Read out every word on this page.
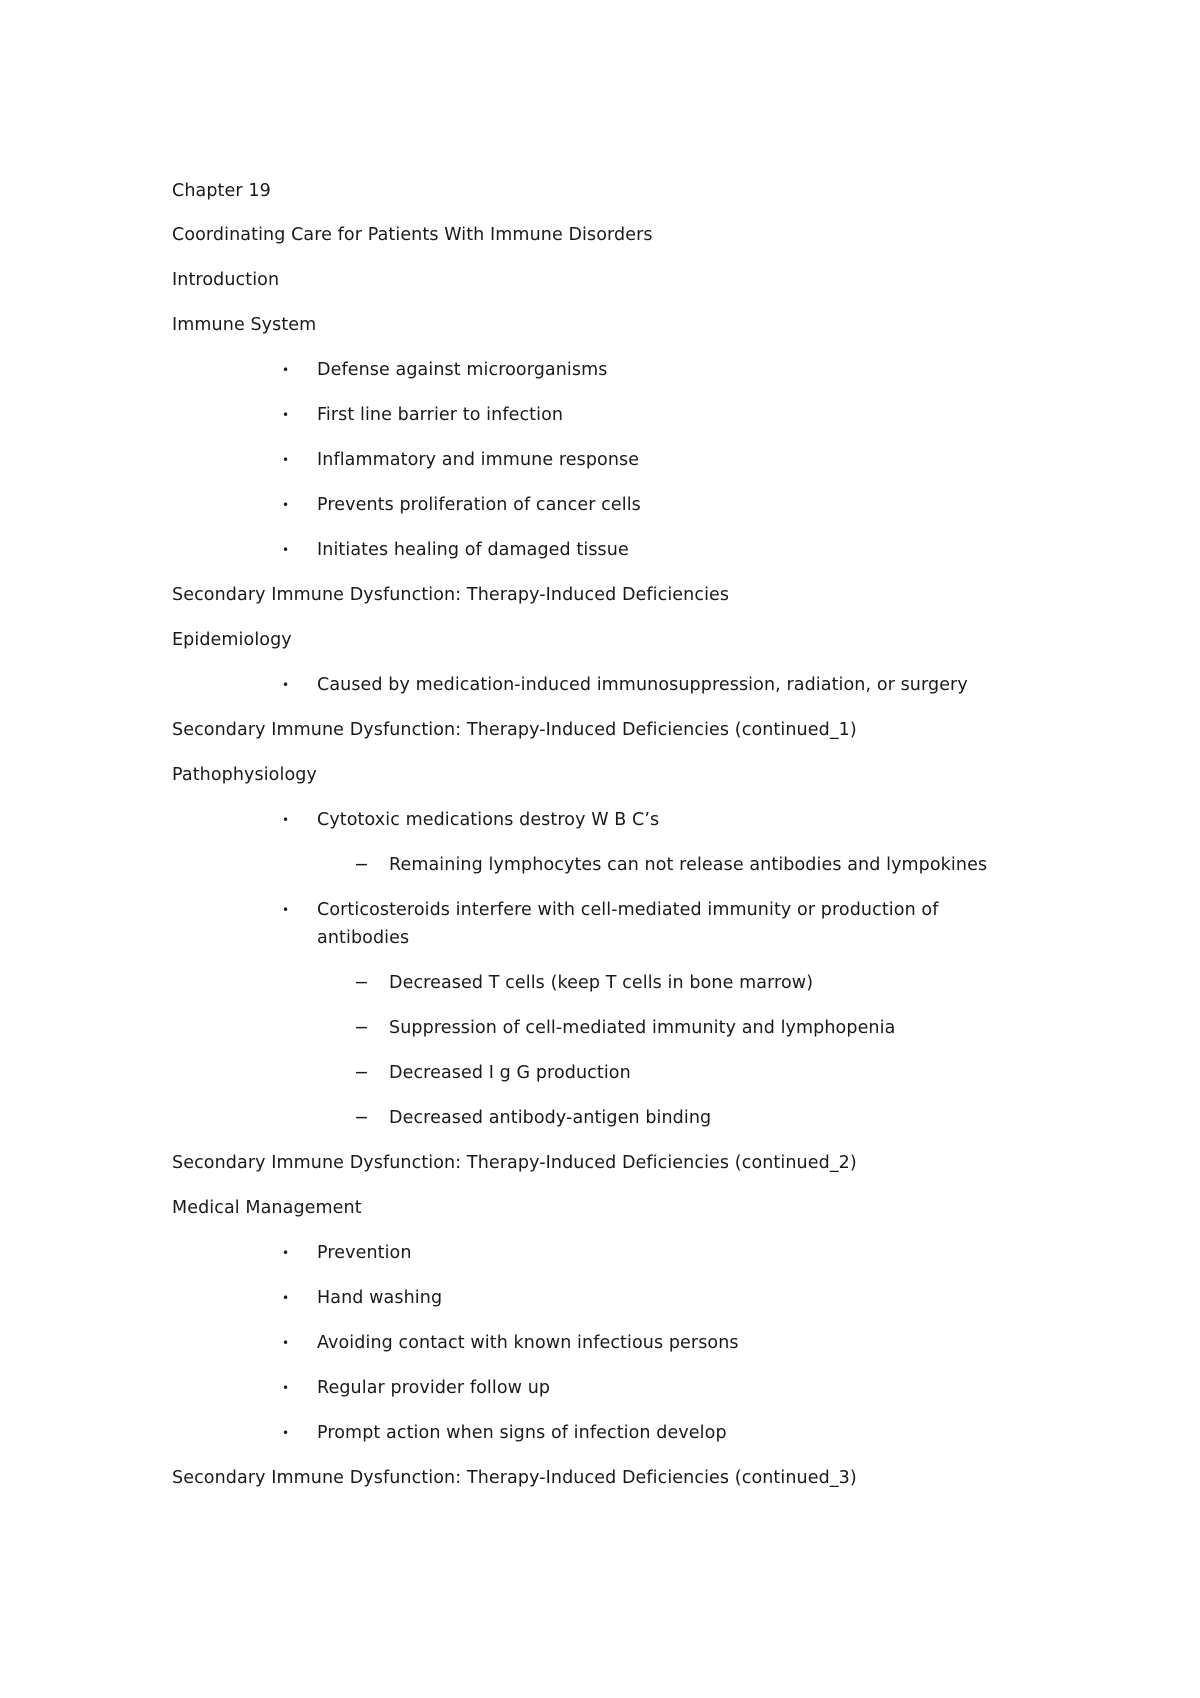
Chapter 19
Coordinating Care for Patients With Immune Disorders
Introduction
Immune System
• Defense against microorganisms
• First line barrier to infection
• Inflammatory and immune response
• Prevents proliferation of cancer cells
• Initiates healing of damaged tissue
Secondary Immune Dysfunction: Therapy-Induced Deficiencies
Epidemiology
• Caused by medication-induced immunosuppression, radiation, or surgery
Secondary Immune Dysfunction: Therapy-Induced Deficiencies (continued_1)
Pathophysiology
• Cytotoxic medications destroy W B C’s
− Remaining lymphocytes can not release antibodies and lympokines
• Corticosteroids interfere with cell-mediated immunity or production of
antibodies
− Decreased T cells (keep T cells in bone marrow)
− Suppression of cell-mediated immunity and lymphopenia
− Decreased I g G production
− Decreased antibody-antigen binding
Secondary Immune Dysfunction: Therapy-Induced Deficiencies (continued_2)
Medical Management
• Prevention
• Hand washing
• Avoiding contact with known infectious persons
• Regular provider follow up
• Prompt action when signs of infection develop
Secondary Immune Dysfunction: Therapy-Induced Deficiencies (continued_3)
